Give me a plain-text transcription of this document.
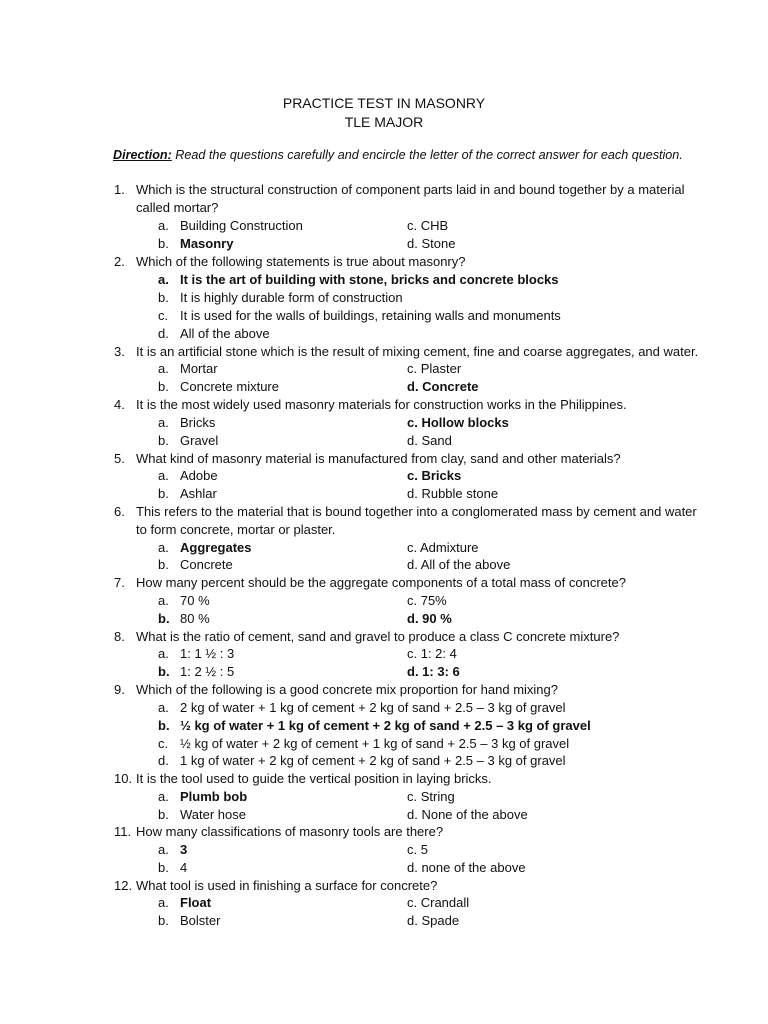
PRACTICE TEST IN MASONRY
TLE MAJOR
Direction: Read the questions carefully and encircle the letter of the correct answer for each question.
1. Which is the structural construction of component parts laid in and bound together by a material
called mortar?
a. Building Construction	c. CHB
b. Masonry	d. Stone
2. Which of the following statements is true about masonry?
a. It is the art of building with stone, bricks and concrete blocks
b. It is highly durable form of construction
c. It is used for the walls of buildings, retaining walls and monuments
d. All of the above
3. It is an artificial stone which is the result of mixing cement, fine and coarse aggregates, and water.
a. Mortar	c. Plaster
b. Concrete mixture	d. Concrete
4. It is the most widely used masonry materials for construction works in the Philippines.
a. Bricks	c. Hollow blocks
b. Gravel	d. Sand
5. What kind of masonry material is manufactured from clay, sand and other materials?
a. Adobe	c. Bricks
b. Ashlar	d. Rubble stone
6. This refers to the material that is bound together into a conglomerated mass by cement and water
to form concrete, mortar or plaster.
a. Aggregates	c. Admixture
b. Concrete	d. All of the above
7. How many percent should be the aggregate components of a total mass of concrete?
a. 70 %	c. 75%
b. 80 %	d. 90 %
8. What is the ratio of cement, sand and gravel to produce a class C concrete mixture?
a. 1: 1 ½ : 3	c. 1: 2: 4
b. 1: 2 ½ : 5	d. 1: 3: 6
9. Which of the following is a good concrete mix proportion for hand mixing?
a. 2 kg of water + 1 kg of cement + 2 kg of sand + 2.5 – 3 kg of gravel
b. ½ kg of water + 1 kg of cement + 2 kg of sand + 2.5 – 3 kg of gravel
c. ½ kg of water + 2 kg of cement + 1 kg of sand + 2.5 – 3 kg of gravel
d. 1 kg of water + 2 kg of cement + 2 kg of sand + 2.5 – 3 kg of gravel
10. It is the tool used to guide the vertical position in laying bricks.
a. Plumb bob	c. String
b. Water hose	d. None of the above
11. How many classifications of masonry tools are there?
a. 3	c. 5
b. 4	d. none of the above
12. What tool is used in finishing a surface for concrete?
a. Float	c. Crandall
b. Bolster	d. Spade
